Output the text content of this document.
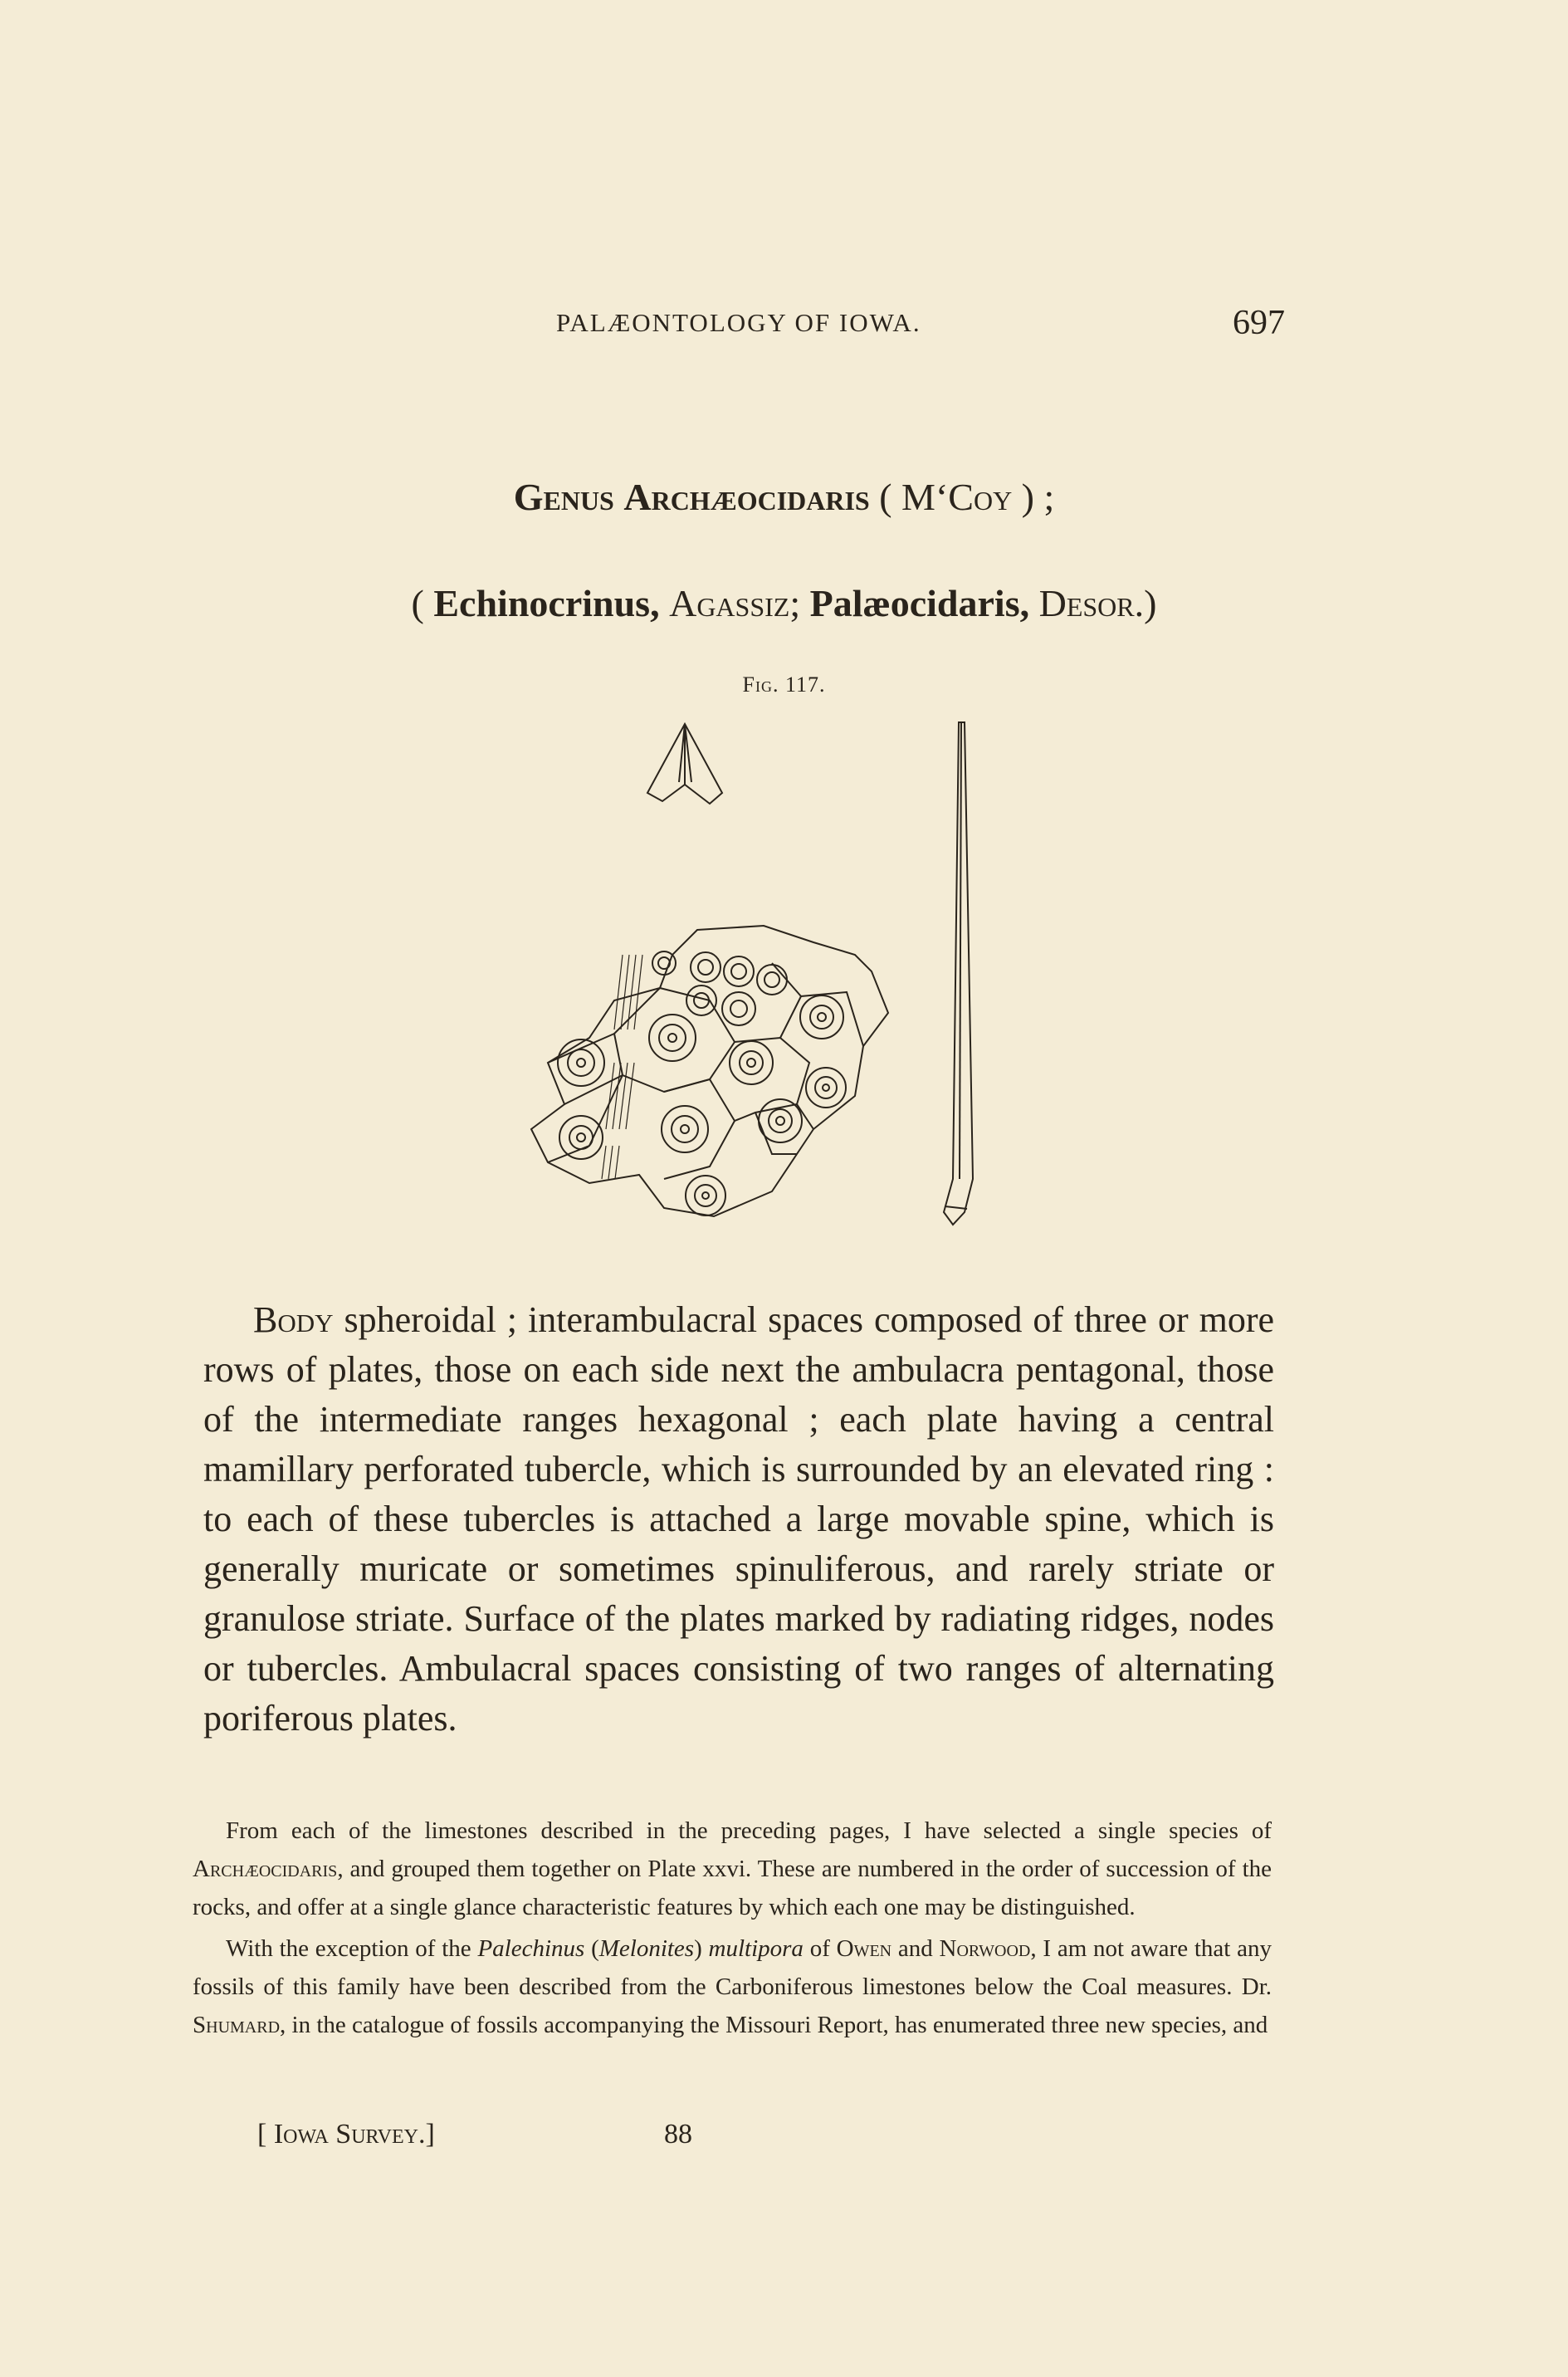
PALÆONTOLOGY OF IOWA.	697
Genus Archæocidaris ( M‘Coy ) ;
( Echinocrinus, Agassiz; Palæocidaris, Desor.)
Fig. 117.

Body spheroidal ; interambulacral spaces composed of three or more rows of plates, those on each side next the ambulacra pentagonal, those of the intermediate ranges hexagonal ; each plate having a central mamillary perforated tubercle, which is surrounded by an elevated ring : to each of these tubercles is attached a large movable spine, which is generally muricate or sometimes spinuliferous, and rarely striate or granulose striate. Surface of the plates marked by radiating ridges, nodes or tubercles. Ambulacral spaces consisting of two ranges of alternating poriferous plates.

From each of the limestones described in the preceding pages, I have selected a single species of Archæocidaris, and grouped them together on Plate xxvi. These are numbered in the order of succession of the rocks, and offer at a single glance characteristic features by which each one may be distinguished.

With the exception of the Palechinus (Melonites) multipora of Owen and Norwood, I am not aware that any fossils of this family have been described from the Carboniferous limestones below the Coal measures. Dr. Shumard, in the catalogue of fossils accompanying the Missouri Report, has enumerated three new species, and

[ Iowa Survey.]	88
